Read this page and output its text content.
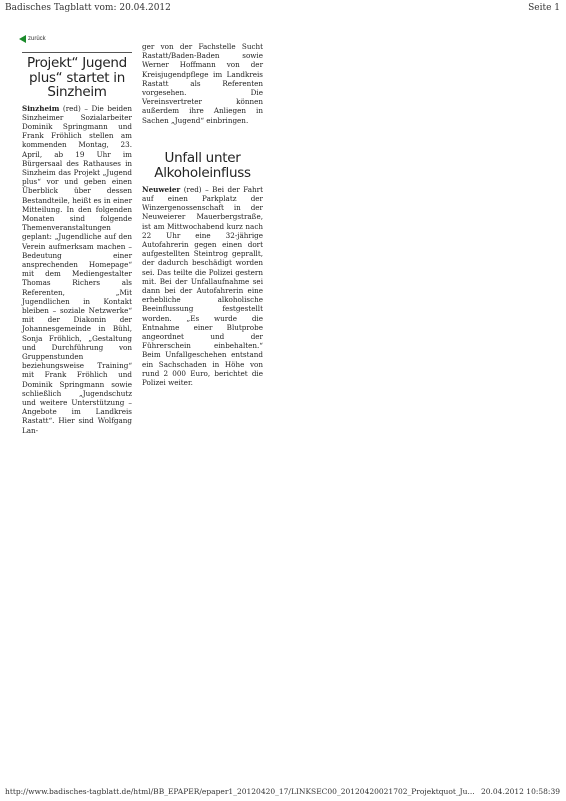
Badisches Tagblatt vom: 20.04.2012	Seite 1
zurück
Projekt“ Jugend plus“ startet in Sinzheim

Sinzheim (red) – Die beiden Sinzheimer Sozialarbeiter Dominik Springmann und Frank Fröhlich stellen am kommenden Montag, 23. April, ab 19 Uhr im Bürgersaal des Rathauses in Sinzheim das Projekt „Jugend plus“ vor und geben einen Überblick über dessen Bestandteile, heißt es in einer Mitteilung. In den folgenden Monaten sind folgende Themenveranstaltungen geplant: „Jugendliche auf den Verein aufmerksam machen – Bedeutung einer ansprechenden Homepage“ mit dem Mediengestalter Thomas Richers als Referenten, „Mit Jugendlichen in Kontakt bleiben – soziale Netzwerke“ mit der Diakonin der Johannesgemeinde in Bühl, Sonja Fröhlich, „Gestaltung und Durchführung von Gruppenstunden beziehungsweise Training“ mit Frank Fröhlich und Dominik Springmann sowie schließlich „Jugendschutz und weitere Unterstützung – Angebote im Landkreis Rastatt“. Hier sind Wolfgang Lan-

ger von der Fachstelle Sucht Rastatt/Baden-Baden sowie Werner Hoffmann von der Kreisjugendpflege im Landkreis Rastatt als Referenten vorgesehen. Die Vereinsvertreter können außerdem ihre Anliegen in Sachen „Jugend“ einbringen.

Unfall unter Alkoholeinfluss

Neuweier (red) – Bei der Fahrt auf einen Parkplatz der Winzergenossenschaft in der Neuweierer Mauerbergstraße, ist am Mittwochabend kurz nach 22 Uhr eine 32-jährige Autofahrerin gegen einen dort aufgestellten Steintrog geprallt, der dadurch beschädigt worden sei. Das teilte die Polizei gestern mit. Bei der Unfallaufnahme sei dann bei der Autofahrerin eine erhebliche alkoholische Beeinflussung festgestellt worden. „Es wurde die Entnahme einer Blutprobe angeordnet und der Führerschein einbehalten.“ Beim Unfallgeschehen entstand ein Sachschaden in Höhe von rund 2 000 Euro, berichtet die Polizei weiter.

http://www.badisches-tagblatt.de/html/BB_EPAPER/epaper1_20120420_17/LINKSEC00_20120420021702_Projektquot_Ju... 20.04.2012 10:58:39
